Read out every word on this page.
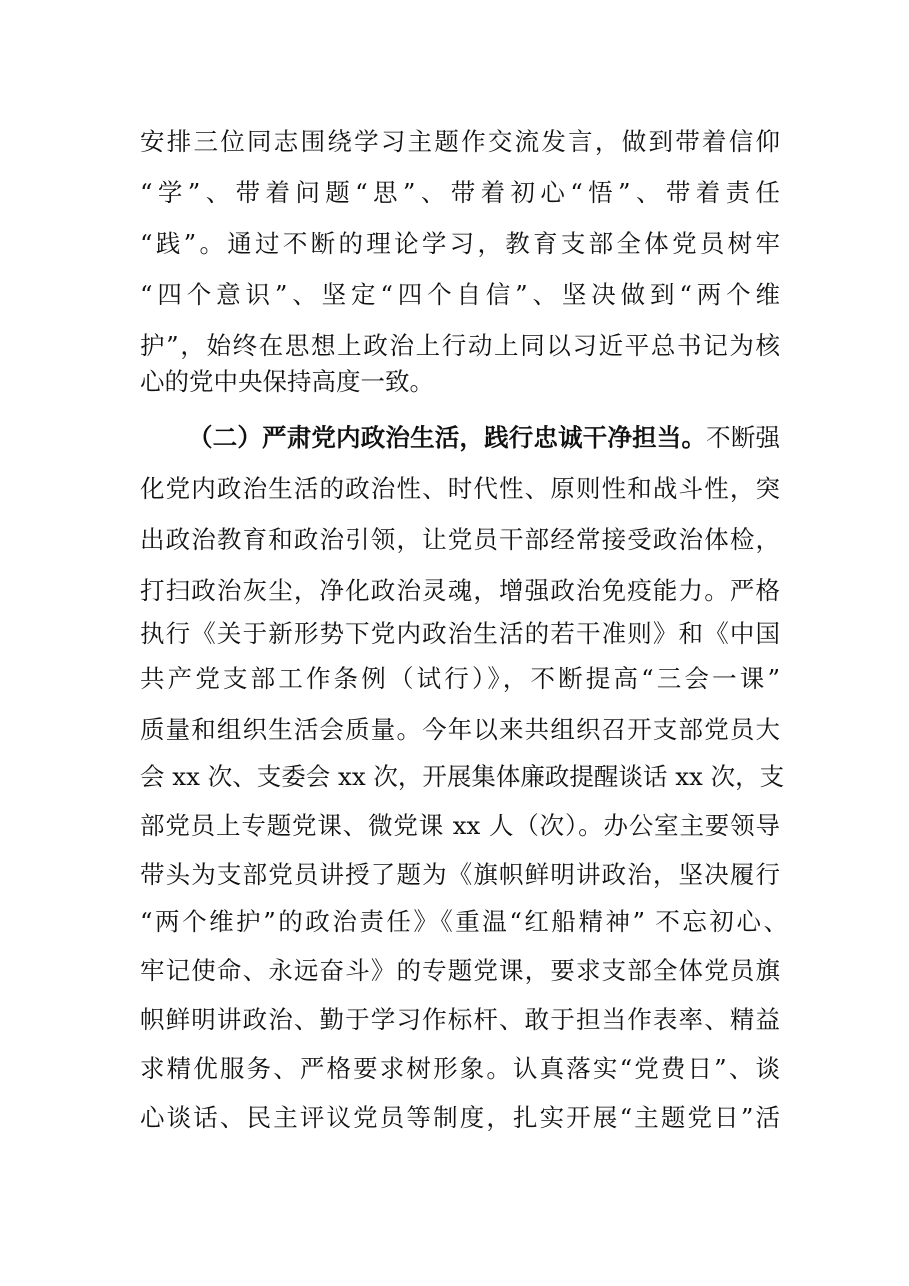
安排三位同志围绕学习主题作交流发言，做到带着信仰
“学”、带着问题“思”、带着初心“悟”、带着责任
“践”。通过不断的理论学习，教育支部全体党员树牢
“四个意识”、坚定“四个自信”、坚决做到“两个维
护”，始终在思想上政治上行动上同以习近平总书记为核
心的党中央保持高度一致。
（二）严肃党内政治生活，践行忠诚干净担当。不断强
化党内政治生活的政治性、时代性、原则性和战斗性，突
出政治教育和政治引领，让党员干部经常接受政治体检，
打扫政治灰尘，净化政治灵魂，增强政治免疫能力。严格
执行《关于新形势下党内政治生活的若干准则》和《中国
共产党支部工作条例（试行）》，不断提高“三会一课”
质量和组织生活会质量。今年以来共组织召开支部党员大
会 xx 次、支委会 xx 次，开展集体廉政提醒谈话 xx 次，支
部党员上专题党课、微党课 xx 人（次）。办公室主要领导
带头为支部党员讲授了题为《旗帜鲜明讲政治，坚决履行
“两个维护”的政治责任》《重温“红船精神” 不忘初心、
牢记使命、永远奋斗》的专题党课，要求支部全体党员旗
帜鲜明讲政治、勤于学习作标杆、敢于担当作表率、精益
求精优服务、严格要求树形象。认真落实“党费日”、谈
心谈话、民主评议党员等制度，扎实开展“主题党日”活
